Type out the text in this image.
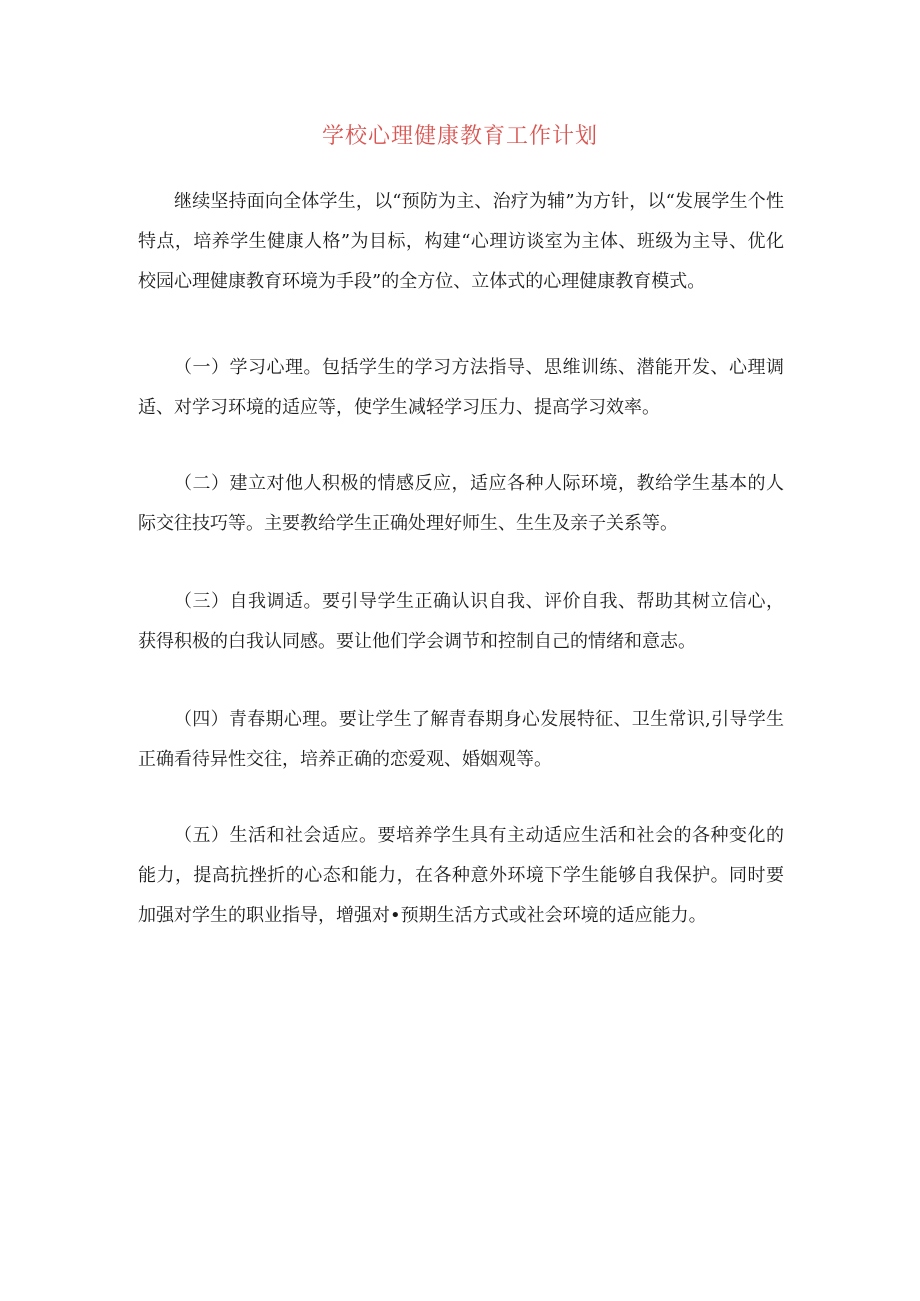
学校心理健康教育工作计划

继续坚持面向全体学生，以“预防为主、治疗为辅”为方针，以“发展学生个性特点，培养学生健康人格”为目标，构建“心理访谈室为主体、班级为主导、优化校园心理健康教育环境为手段”的全方位、立体式的心理健康教育模式。

（一）学习心理。包括学生的学习方法指导、思维训练、潜能开发、心理调适、对学习环境的适应等，使学生减轻学习压力、提高学习效率。

（二）建立对他人积极的情感反应，适应各种人际环境，教给学生基本的人际交往技巧等。主要教给学生正确处理好师生、生生及亲子关系等。

（三）自我调适。要引导学生正确认识自我、评价自我、帮助其树立信心，获得积极的白我认同感。要让他们学会调节和控制自己的情绪和意志。

（四）青春期心理。要让学生了解青春期身心发展特征、卫生常识,引导学生正确看待异性交往，培养正确的恋爱观、婚姻观等。

（五）生活和社会适应。要培养学生具有主动适应生活和社会的各种变化的能力，提高抗挫折的心态和能力，在各种意外环境下学生能够自我保护。同时要加强对学生的职业指导，增强对•预期生活方式或社会环境的适应能力。
